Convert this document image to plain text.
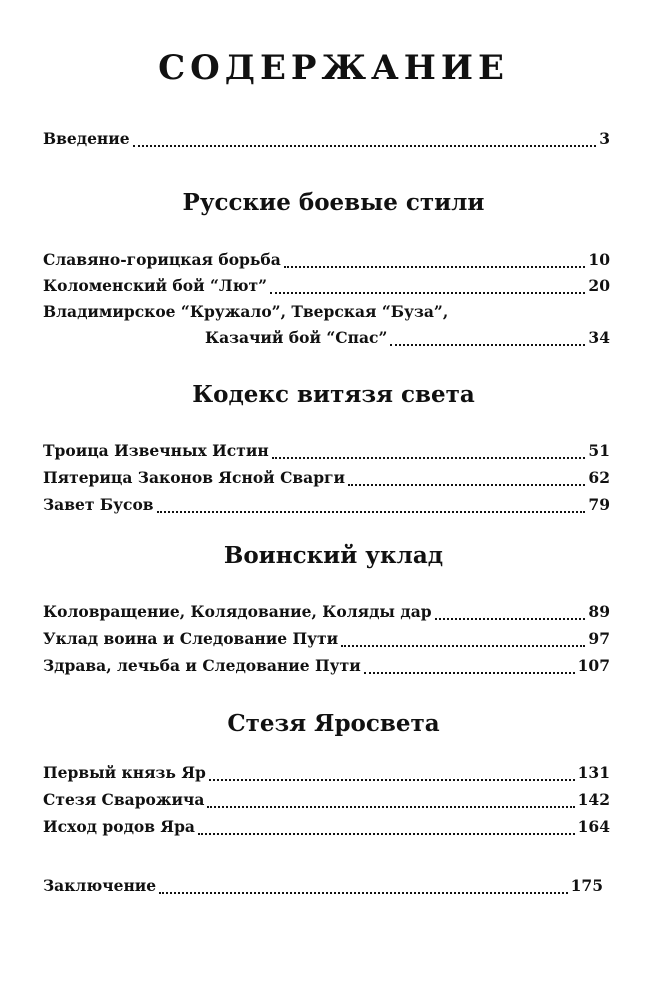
СОДЕРЖАНИЕ
Введение	3
Русские боевые стили
Славяно-горицкая борьба	10
Коломенский бой “Лют”	20
Владимирское “Кружало”, Тверская “Буза”,
Казачий бой “Спас”	34
Кодекс витязя света
Троица Извечных Истин	51
Пятерица Законов Ясной Сварги	62
Завет Бусов	79
Воинский уклад
Коловращение, Колядование, Коляды дар	89
Уклад воина и Следование Пути	97
Здрава, лечьба и Следование Пути	107
Стезя Яросвета
Первый князь Яр	131
Стезя Сварожича	142
Исход родов Яра	164
Заключение	175
